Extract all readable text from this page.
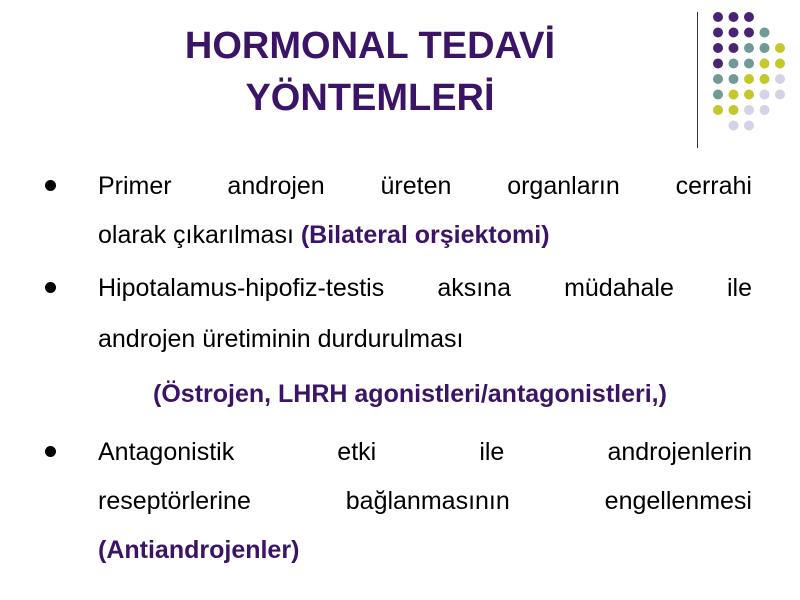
HORMONAL TEDAVİ
YÖNTEMLERİ
Primer androjen üreten organların cerrahi
olarak çıkarılması (Bilateral orşiektomi)
Hipotalamus-hipofiz-testis aksına müdahale ile
androjen üretiminin durdurulması
(Östrojen, LHRH agonistleri/antagonistleri,)
Antagonistik etki ile androjenlerin
reseptörlerine bağlanmasının engellenmesi
(Antiandrojenler)
